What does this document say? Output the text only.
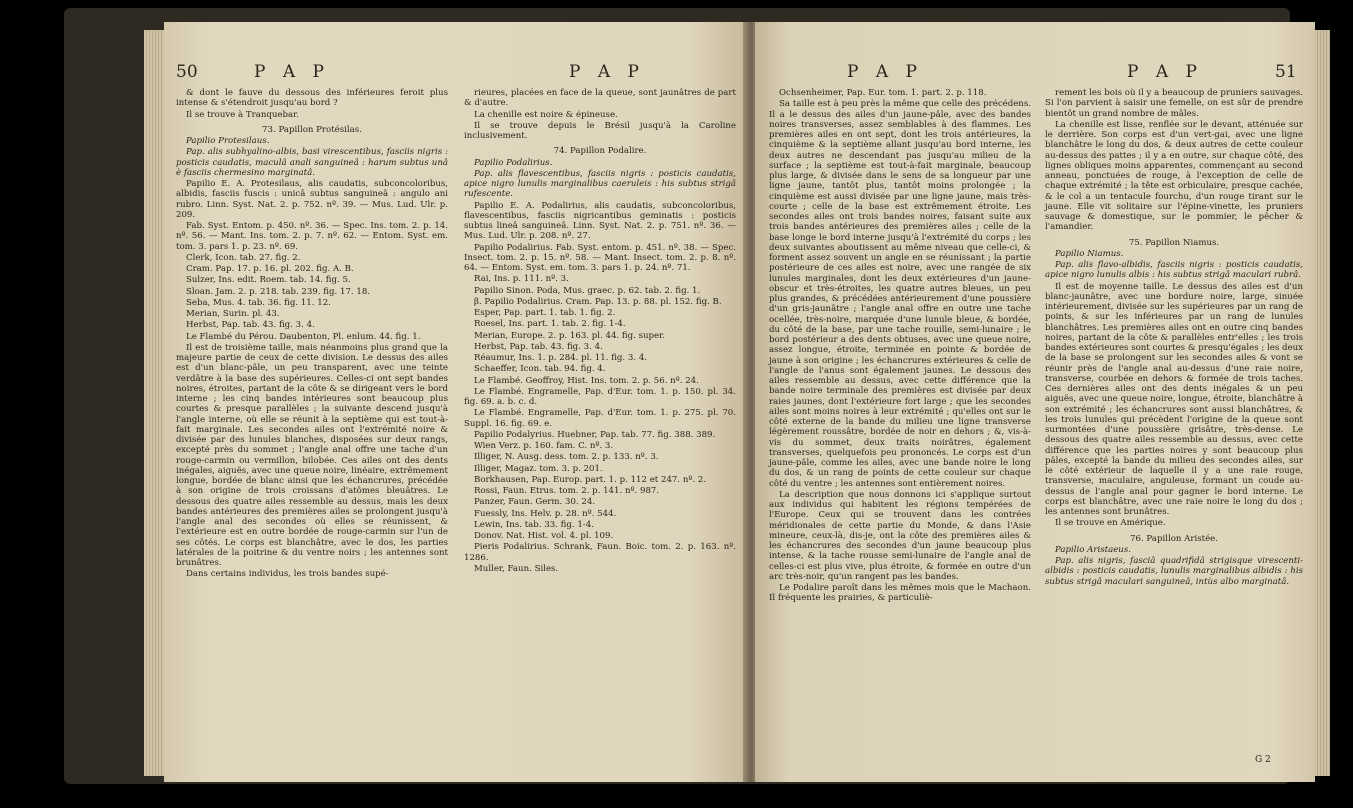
50	P A P	P A P

& dont le fauve du dessous des inférieures feroit plus intense & s'étendroit jusqu'au bord ?

Il se trouve à Tranquebar.

73. Papillon Protésilas.

Papilio Protesilaus.

Pap. alis subhyalino-albis, basi virescentibus, fasciis nigris : posticis caudatis, maculâ anali sanguineâ : harum subtus unâ è fasciis chermesino marginatâ.

Papilio E. A. Protesilaus, alis caudatis, subconcoloribus, albidis, fasciis fuscis : unicâ subtus sanguineâ : angulo ani rubro. Linn. Syst. Nat. 2. p. 752. nº. 39. — Mus. Lud. Ulr. p. 209.

Fab. Syst. Entom. p. 450. nº. 36. — Spec. Ins. tom. 2. p. 14. nº. 56. — Mant. Ins. tom. 2. p. 7. nº. 62. — Entom. Syst. em. tom. 3. pars 1. p. 23. nº. 69.

Clerk, Icon. tab. 27. fig. 2.

Cram. Pap. 17. p. 16. pl. 202. fig. A. B.

Sulzer, Ins. edit. Roem. tab. 14. fig. 5.

Sloan. Jam. 2. p. 218. tab. 239. fig. 17. 18.

Seba, Mus. 4. tab. 36. fig. 11. 12.

Merian, Surin. pl. 43.

Herbst, Pap. tab. 43. fig. 3. 4.

Le Flambé du Pérou. Daubenton, Pl. enlum. 44. fig. 1.

Il est de troisième taille, mais néanmoins plus grand que la majeure partie de ceux de cette division. Le dessus des ailes est d'un blanc-pâle, un peu transparent, avec une teinte verdâtre à la base des supérieures. Celles-ci ont sept bandes noires, étroites, partant de la côte & se dirigeant vers le bord interne ; les cinq bandes intérieures sont beaucoup plus courtes & presque parallèles ; la suivante descend jusqu'à l'angle interne, où elle se réunit à la septième qui est tout-à-fait marginale. Les secondes ailes ont l'extrémité noire & divisée par des lunules blanches, disposées sur deux rangs, excepté près du sommet ; l'angle anal offre une tache d'un rouge-carmin ou vermillon, bilobée. Ces ailes ont des dents inégales, aiguës, avec une queue noire, linéaire, extrêmement longue, bordée de blanc ainsi que les échancrures, précédée à son origine de trois croissans d'atômes bleuâtres. Le dessous des quatre ailes ressemble au dessus, mais les deux bandes antérieures des premières ailes se prolongent jusqu'à l'angle anal des secondes où elles se réunissent, & l'extérieure est en outre bordée de rouge-carmin sur l'un de ses côtés. Le corps est blanchâtre, avec le dos, les parties latérales de la poitrine & du ventre noirs ; les antennes sont brunâtres.

Dans certains individus, les trois bandes supé-

rieures, placées en face de la queue, sont jaunâtres de part & d'autre.

La chenille est noire & épineuse.

Il se trouve depuis le Brésil jusqu'à la Caroline inclusivement.

74. Papillon Podalire.

Papilio Podalirius.

Pap. alis flavescentibus, fasciis nigris : posticis caudatis, apice nigro lunulis marginalibus caeruleis : his subtus strigâ rufescente.

Papilio E. A. Podalirius, alis caudatis, subconcoloribus, flavescentibus, fasciis nigricantibus geminatis : posticis subtus lineâ sanguineâ. Linn. Syst. Nat. 2. p. 751. nº. 36. — Mus. Lud. Ulr. p. 208. nº. 27.

Papilio Podalirius. Fab. Syst. entom. p. 451. nº. 38. — Spec. Insect. tom. 2. p. 15. nº. 58. — Mant. Insect. tom. 2. p. 8. nº. 64. — Entom. Syst. em. tom. 3. pars 1. p. 24. nº. 71.

Rai, Ins. p. 111. nº. 3.

Papilio Sinon. Poda, Mus. graec. p. 62. tab. 2. fig. 1.

β. Papilio Podalirius. Cram. Pap. 13. p. 88. pl. 152. fig. B.

Esper, Pap. part. 1. tab. 1. fig. 2.

Roesel, Ins. part. 1. tab. 2. fig. 1-4.

Merian, Europe. 2. p. 163. pl. 44. fig. super.

Herbst, Pap. tab. 43. fig. 3. 4.

Réaumur, Ins. 1. p. 284. pl. 11. fig. 3. 4.

Schaeffer, Icon. tab. 94. fig. 4.

Le Flambé. Geoffroy, Hist. Ins. tom. 2. p. 56. nº. 24.

Le Flambé. Engramelle, Pap. d'Eur. tom. 1. p. 150. pl. 34. fig. 69. a. b. c. d.

Le Flambé. Engramelle, Pap. d'Eur. tom. 1. p. 275. pl. 70. Suppl. 16. fig. 69. e.

Papilio Podalyrius. Huebner, Pap. tab. 77. fig. 388. 389.

Wien Verz. p. 160. fam. C. nº. 3.

Illiger, N. Ausg. dess. tom. 2. p. 133. nº. 3.

Illiger, Magaz. tom. 3. p. 201.

Borkhausen, Pap. Europ. part. 1. p. 112 et 247. nº. 2.

Rossi, Faun. Etrus. tom. 2. p. 141. nº. 987.

Panzer, Faun. Germ. 30. 24.

Fuessly, Ins. Helv. p. 28. nº. 544.

Lewin, Ins. tab. 33. fig. 1-4.

Donov. Nat. Hist. vol. 4. pl. 109.

Pieris Podalirius. Schrank, Faun. Boic. tom. 2. p. 163. nº. 1286.

Muller, Faun. Siles.

P A P	P A P	51

Ochsenheimer, Pap. Eur. tom. 1. part. 2. p. 118.

Sa taille est à peu près la même que celle des précédens. Il a le dessus des ailes d'un jaune-pâle, avec des bandes noires transverses, assez semblables à des flammes. Les premières ailes en ont sept, dont les trois antérieures, la cinquième & la septième allant jusqu'au bord interne, les deux autres ne descendant pas jusqu'au milieu de la surface ; la septième est tout-à-fait marginale, beaucoup plus large, & divisée dans le sens de sa longueur par une ligne jaune, tantôt plus, tantôt moins prolongée ; la cinquième est aussi divisée par une ligne jaune, mais très-courte ; celle de la base est extrêmement étroite. Les secondes ailes ont trois bandes noires, faisant suite aux trois bandes antérieures des premières ailes ; celle de la base longe le bord interne jusqu'à l'extrémité du corps ; les deux suivantes aboutissent au même niveau que celle-ci, & forment assez souvent un angle en se réunissant ; la partie postérieure de ces ailes est noire, avec une rangée de six lunules marginales, dont les deux extérieures d'un jaune-obscur et très-étroites, les quatre autres bleues, un peu plus grandes, & précédées antérieurement d'une poussière d'un gris-jaunâtre ; l'angle anal offre en outre une tache ocellée, très-noire, marquée d'une lunule bleue, & bordée, du côté de la base, par une tache rouille, semi-lunaire ; le bord postérieur a des dents obtuses, avec une queue noire, assez longue, étroite, terminée en pointe & bordée de jaune à son origine ; les échancrures extérieures & celle de l'angle de l'anus sont également jaunes. Le dessous des ailes ressemble au dessus, avec cette différence que la bande noire terminale des premières est divisée par deux raies jaunes, dont l'extérieure fort large ; que les secondes ailes sont moins noires à leur extrémité ; qu'elles ont sur le côté externe de la bande du milieu une ligne transverse légèrement roussâtre, bordée de noir en dehors ; &, vis-à-vis du sommet, deux traits noirâtres, également transverses, quelquefois peu prononcés. Le corps est d'un jaune-pâle, comme les ailes, avec une bande noire le long du dos, & un rang de points de cette couleur sur chaque côté du ventre ; les antennes sont entièrement noires.

La description que nous donnons ici s'applique surtout aux individus qui habitent les régions tempérées de l'Europe. Ceux qui se trouvent dans les contrées méridionales de cette partie du Monde, & dans l'Asie mineure, ceux-là, dis-je, ont la côte des premières ailes & les échancrures des secondes d'un jaune beaucoup plus intense, & la tache rousse semi-lunaire de l'angle anal de celles-ci est plus vive, plus étroite, & formée en outre d'un arc très-noir, qu'un rangent pas les bandes.

Le Podalire paroît dans les mêmes mois que le Machaon. Il fréquente les prairies, & particuliè-

rement les bois où il y a beaucoup de pruniers sauvages. Si l'on parvient à saisir une femelle, on est sûr de prendre bientôt un grand nombre de mâles.

La chenille est lisse, renflée sur le devant, atténuée sur le derrière. Son corps est d'un vert-gai, avec une ligne blanchâtre le long du dos, & deux autres de cette couleur au-dessus des pattes ; il y a en outre, sur chaque côté, des lignes obliques moins apparentes, commençant au second anneau, ponctuées de rouge, à l'exception de celle de chaque extrémité ; la tête est orbiculaire, presque cachée, & le col a un tentacule fourchu, d'un rouge tirant sur le jaune. Elle vit solitaire sur l'épine-vinette, les pruniers sauvage & domestique, sur le pommier, le pêcher & l'amandier.

75. Papillon Niamus.

Papilio Niamus.

Pap. alis flavo-albidis, fasciis nigris : posticis caudatis, apice nigro lunulis albis : his subtus strigâ maculari rubrâ.

Il est de moyenne taille. Le dessus des ailes est d'un blanc-jaunâtre, avec une bordure noire, large, sinuée intérieurement, divisée sur les supérieures par un rang de points, & sur les inférieures par un rang de lunules blanchâtres. Les premières ailes ont en outre cinq bandes noires, partant de la côte & parallèles entr'elles ; les trois bandes extérieures sont courtes & presqu'égales ; les deux de la base se prolongent sur les secondes ailes & vont se réunir près de l'angle anal au-dessus d'une raie noire, transverse, courbée en dehors & formée de trois taches. Ces dernières ailes ont des dents inégales & un peu aiguës, avec une queue noire, longue, étroite, blanchâtre à son extrémité ; les échancrures sont aussi blanchâtres, & les trois lunules qui précèdent l'origine de la queue sont surmontées d'une poussière grisâtre, très-dense. Le dessous des quatre ailes ressemble au dessus, avec cette différence que les parties noires y sont beaucoup plus pâles, excepté la bande du milieu des secondes ailes, sur le côté extérieur de laquelle il y a une raie rouge, transverse, maculaire, anguleuse, formant un coude au-dessus de l'angle anal pour gagner le bord interne. Le corps est blanchâtre, avec une raie noire le long du dos ; les antennes sont brunâtres.

Il se trouve en Amérique.

76. Papillon Aristée.

Papilio Aristaeus.

Pap. alis nigris, fasciâ quadrifidâ strigisque virescenti-albidis : posticis caudatis, lunulis marginalibus albidis : his subtus strigâ maculari sanguineâ, intùs albo marginatâ.

G 2
